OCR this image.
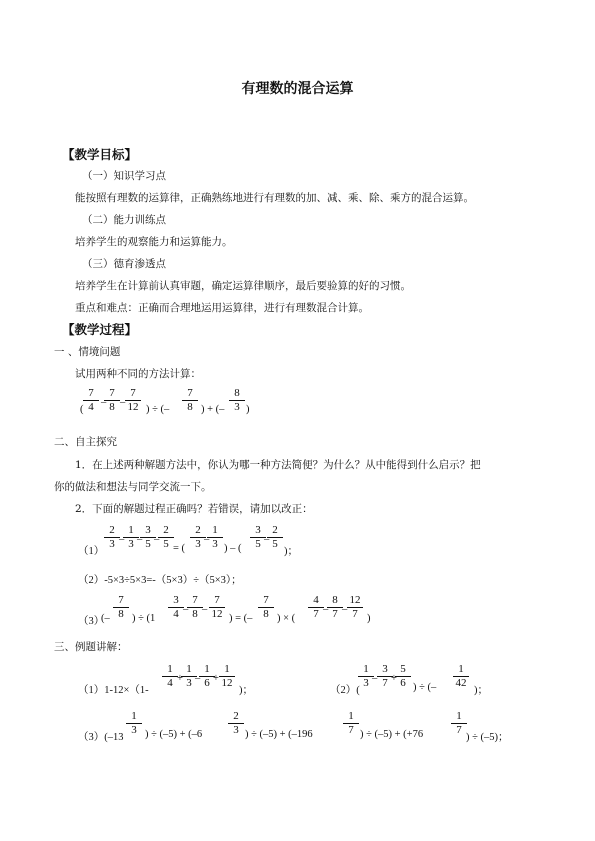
有理数的混合运算
【教学目标】
（一）知识学习点
能按照有理数的运算律，正确熟练地进行有理数的加、减、乘、除、乘方的混合运算。
（二）能力训练点
培养学生的观察能力和运算能力。
（三）德育渗透点
培养学生在计算前认真审题，确定运算律顺序，最后要验算的好的习惯。
重点和难点：正确而合理地运用运算律，进行有理数混合计算。
【教学过程】
一 、情境问题
试用两种不同的方法计算：
(
7
4 –
7
8 –
7
12 ) ÷ (–
7
8 ) + (–
8
3 )
二、自主探究
1．在上述两种解题方法中，你认为哪一种方法简便？为什么？从中能得到什么启示？把
你的做法和想法与同学交流一下。
2．下面的解题过程正确吗？若错误，请加以改正：
（1）
2
3 –
1
3 –
3
5 –
2
5 = (
2
3 –
1
3 ) – (
3
5 –
2
5
)；
（2）-5×3÷5×3=-（5×3）÷（5×3）；
（3）
(–
7
8 ) ÷ (1
3
4 –
7
8 –
7
12 ) = (–
7
8 ) × (
4
7 –
8
7 –
12
7 )
三、例题讲解：
（1）1-12×（1-
1
4 +
1
3 –
1
6 +
1
12
)；	（2）(
1
3 –
3
7 +
5
6 ) ÷ (–
1
42
)；
（3）(–13
1
3 ) ÷ (–5) + (–6
2
3 ) ÷ (–5) + (–196
1
7 ) ÷ (–5) + (+76
1
7
) ÷ (–5)；
